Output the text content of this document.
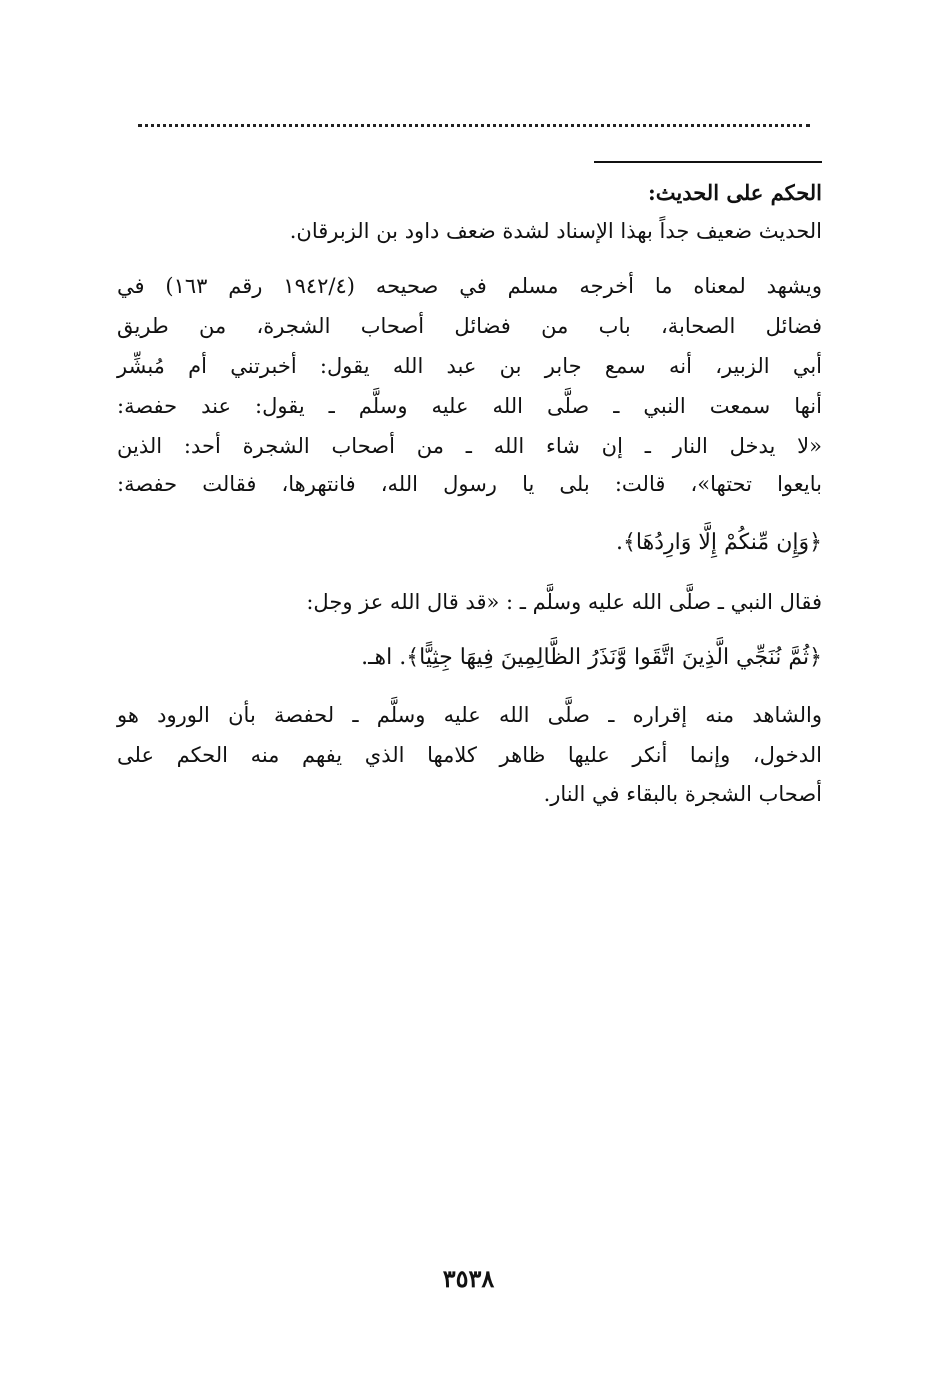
الحكم على الحديث:
الحديث ضعيف جداً بهذا الإسناد لشدة ضعف داود بن الزبرقان.
ويشهد لمعناه ما أخرجه مسلم في صحيحه (١٩٤٢/٤ رقم ١٦٣) في
فضائل الصحابة، باب من فضائل أصحاب الشجرة، من طريق
أبي الزبير، أنه سمع جابر بن عبد الله يقول: أخبرتني أم مُبشِّر
أنها سمعت النبي ـ صلَّى الله عليه وسلَّم ـ يقول: عند حفصة:
«لا يدخل النار ـ إن شاء الله ـ من أصحاب الشجرة أحد: الذين
بايعوا تحتها»، قالت: بلى يا رسول الله، فانتهرها، فقالت حفصة:
﴿وَإِن مِّنكُمْ إِلَّا وَارِدُهَا﴾.
فقال النبي ـ صلَّى الله عليه وسلَّم ـ : «قد قال الله عز وجل:
﴿ثُمَّ نُنَجِّي الَّذِينَ اتَّقَوا وَّنَذَرُ الظَّالِمِينَ فِيهَا جِثِيًّا﴾. اهـ.
والشاهد منه إقراره ـ صلَّى الله عليه وسلَّم ـ لحفصة بأن الورود هو
الدخول، وإنما أنكر عليها ظاهر كلامها الذي يفهم منه الحكم على
أصحاب الشجرة بالبقاء في النار.
٣٥٣٨
